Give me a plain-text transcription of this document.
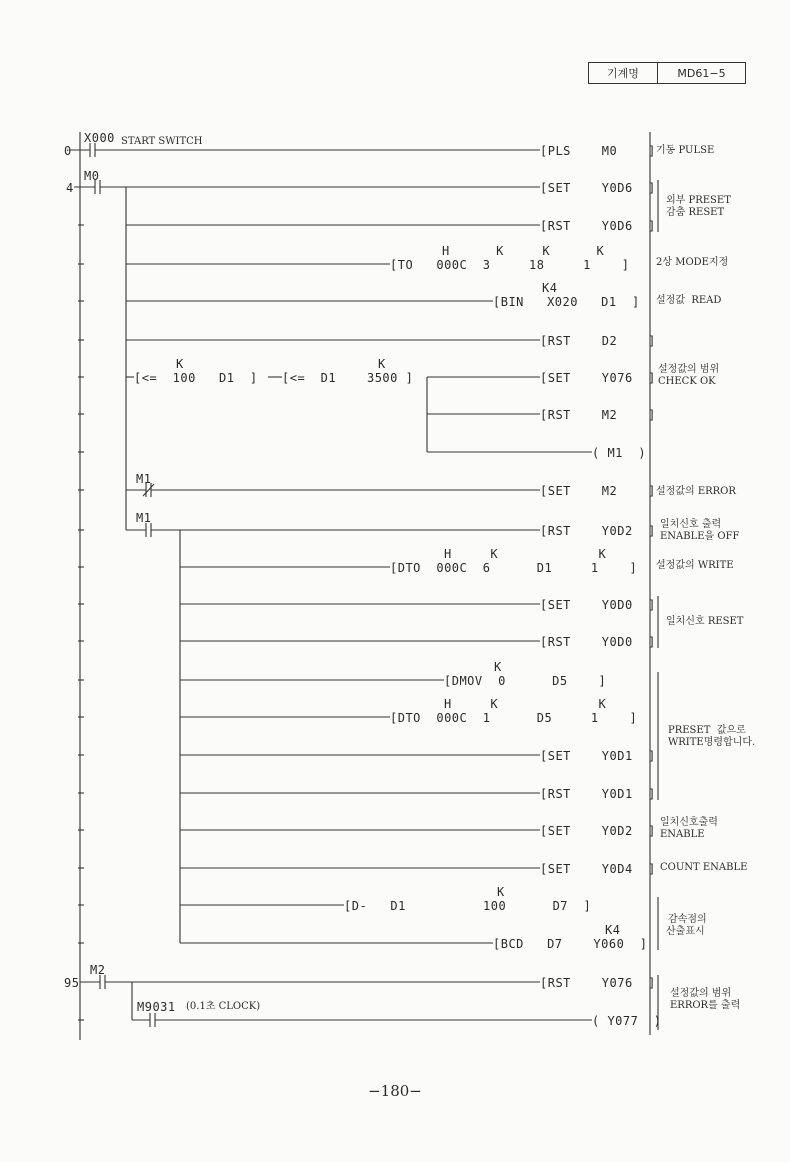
기계명	MD61−5
0
4
95
X000 START SWITCH
M0
M1
M1
M2
M9031 (0.1초 CLOCK)
[PLS    M0    ]
[SET    Y0D6  ]
[RST    Y0D6  ]
H      K     K      K
[TO   000C  3     18     1    ]
K4
[BIN   X020   D1  ]
[RST    D2    ]
K
[<=  100   D1  ]
K
[<=  D1    3500 ]	[SET    Y076  ]
[RST    M2    ]
( M1  )
[SET    M2    ]
[RST    Y0D2  ]
H     K             K
[DTO  000C  6      D1     1    ]
[SET    Y0D0  ]
[RST    Y0D0  ]
K
[DMOV  0      D5    ]
H     K             K
[DTO  000C  1      D5     1    ]
[SET    Y0D1  ]
[RST    Y0D1  ]
[SET    Y0D2  ]
[SET    Y0D4  ]
K
[D-   D1          100      D7  ]
K4
[BCD   D7    Y060  ]
[RST    Y076  ]
( Y077  )
기동 PULSE
외부 PRESET
감춤 RESET
2상 MODE지정
설정값  READ
설정값의 범위
CHECK OK
설정값의 ERROR
일치신호 출력
ENABLE을 OFF
설정값의 WRITE
일치신호 RESET
PRESET  값으로
WRITE명령합니다.
일치신호출력
ENABLE
COUNT ENABLE
감속점의
산출표시
설정값의 범위
ERROR를 출력
−180−
